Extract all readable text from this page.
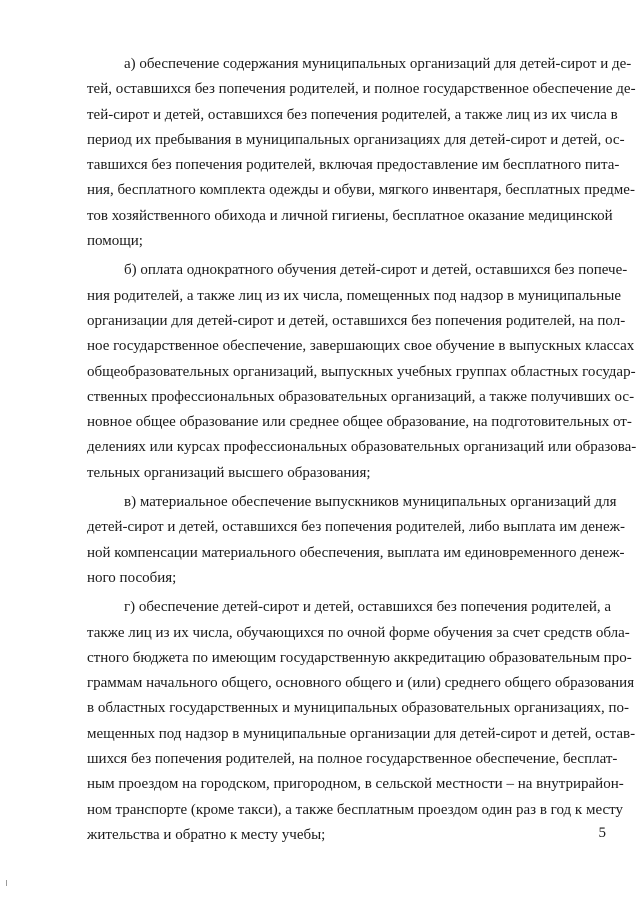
а) обеспечение содержания муниципальных организаций для детей-сирот и де-
тей, оставшихся без попечения родителей, и полное государственное обеспечение де-
тей-сирот и детей, оставшихся без попечения родителей, а также лиц из их числа в
период их пребывания в муниципальных организациях для детей-сирот и детей, ос-
тавшихся без попечения родителей, включая предоставление им бесплатного пита-
ния, бесплатного комплекта одежды и обуви, мягкого инвентаря, бесплатных предме-
тов хозяйственного обихода и личной гигиены, бесплатное оказание медицинской
помощи;
б) оплата однократного обучения детей-сирот и детей, оставшихся без попече-
ния родителей, а также лиц из их числа, помещенных под надзор в муниципальные
организации для детей-сирот и детей, оставшихся без попечения родителей, на пол-
ное государственное обеспечение, завершающих свое обучение в выпускных классах
общеобразовательных организаций, выпускных учебных группах областных государ-
ственных профессиональных образовательных организаций, а также получивших ос-
новное общее образование или среднее общее образование, на подготовительных от-
делениях или курсах профессиональных образовательных организаций или образова-
тельных организаций высшего образования;
в) материальное обеспечение выпускников муниципальных организаций для
детей-сирот и детей, оставшихся без попечения родителей, либо выплата им денеж-
ной компенсации материального обеспечения, выплата им единовременного денеж-
ного пособия;
г) обеспечение детей-сирот и детей, оставшихся без попечения родителей, а
также лиц из их числа, обучающихся по очной форме обучения за счет средств обла-
стного бюджета по имеющим государственную аккредитацию образовательным про-
граммам начального общего, основного общего и (или) среднего общего образования
в областных государственных и муниципальных образовательных организациях, по-
мещенных под надзор в муниципальные организации для детей-сирот и детей, остав-
шихся без попечения родителей, на полное государственное обеспечение, бесплат-
ным проездом на городском, пригородном, в сельской местности – на внутрирайон-
ном транспорте (кроме такси), а также бесплатным проездом один раз в год к месту
жительства и обратно к месту учебы;	5
